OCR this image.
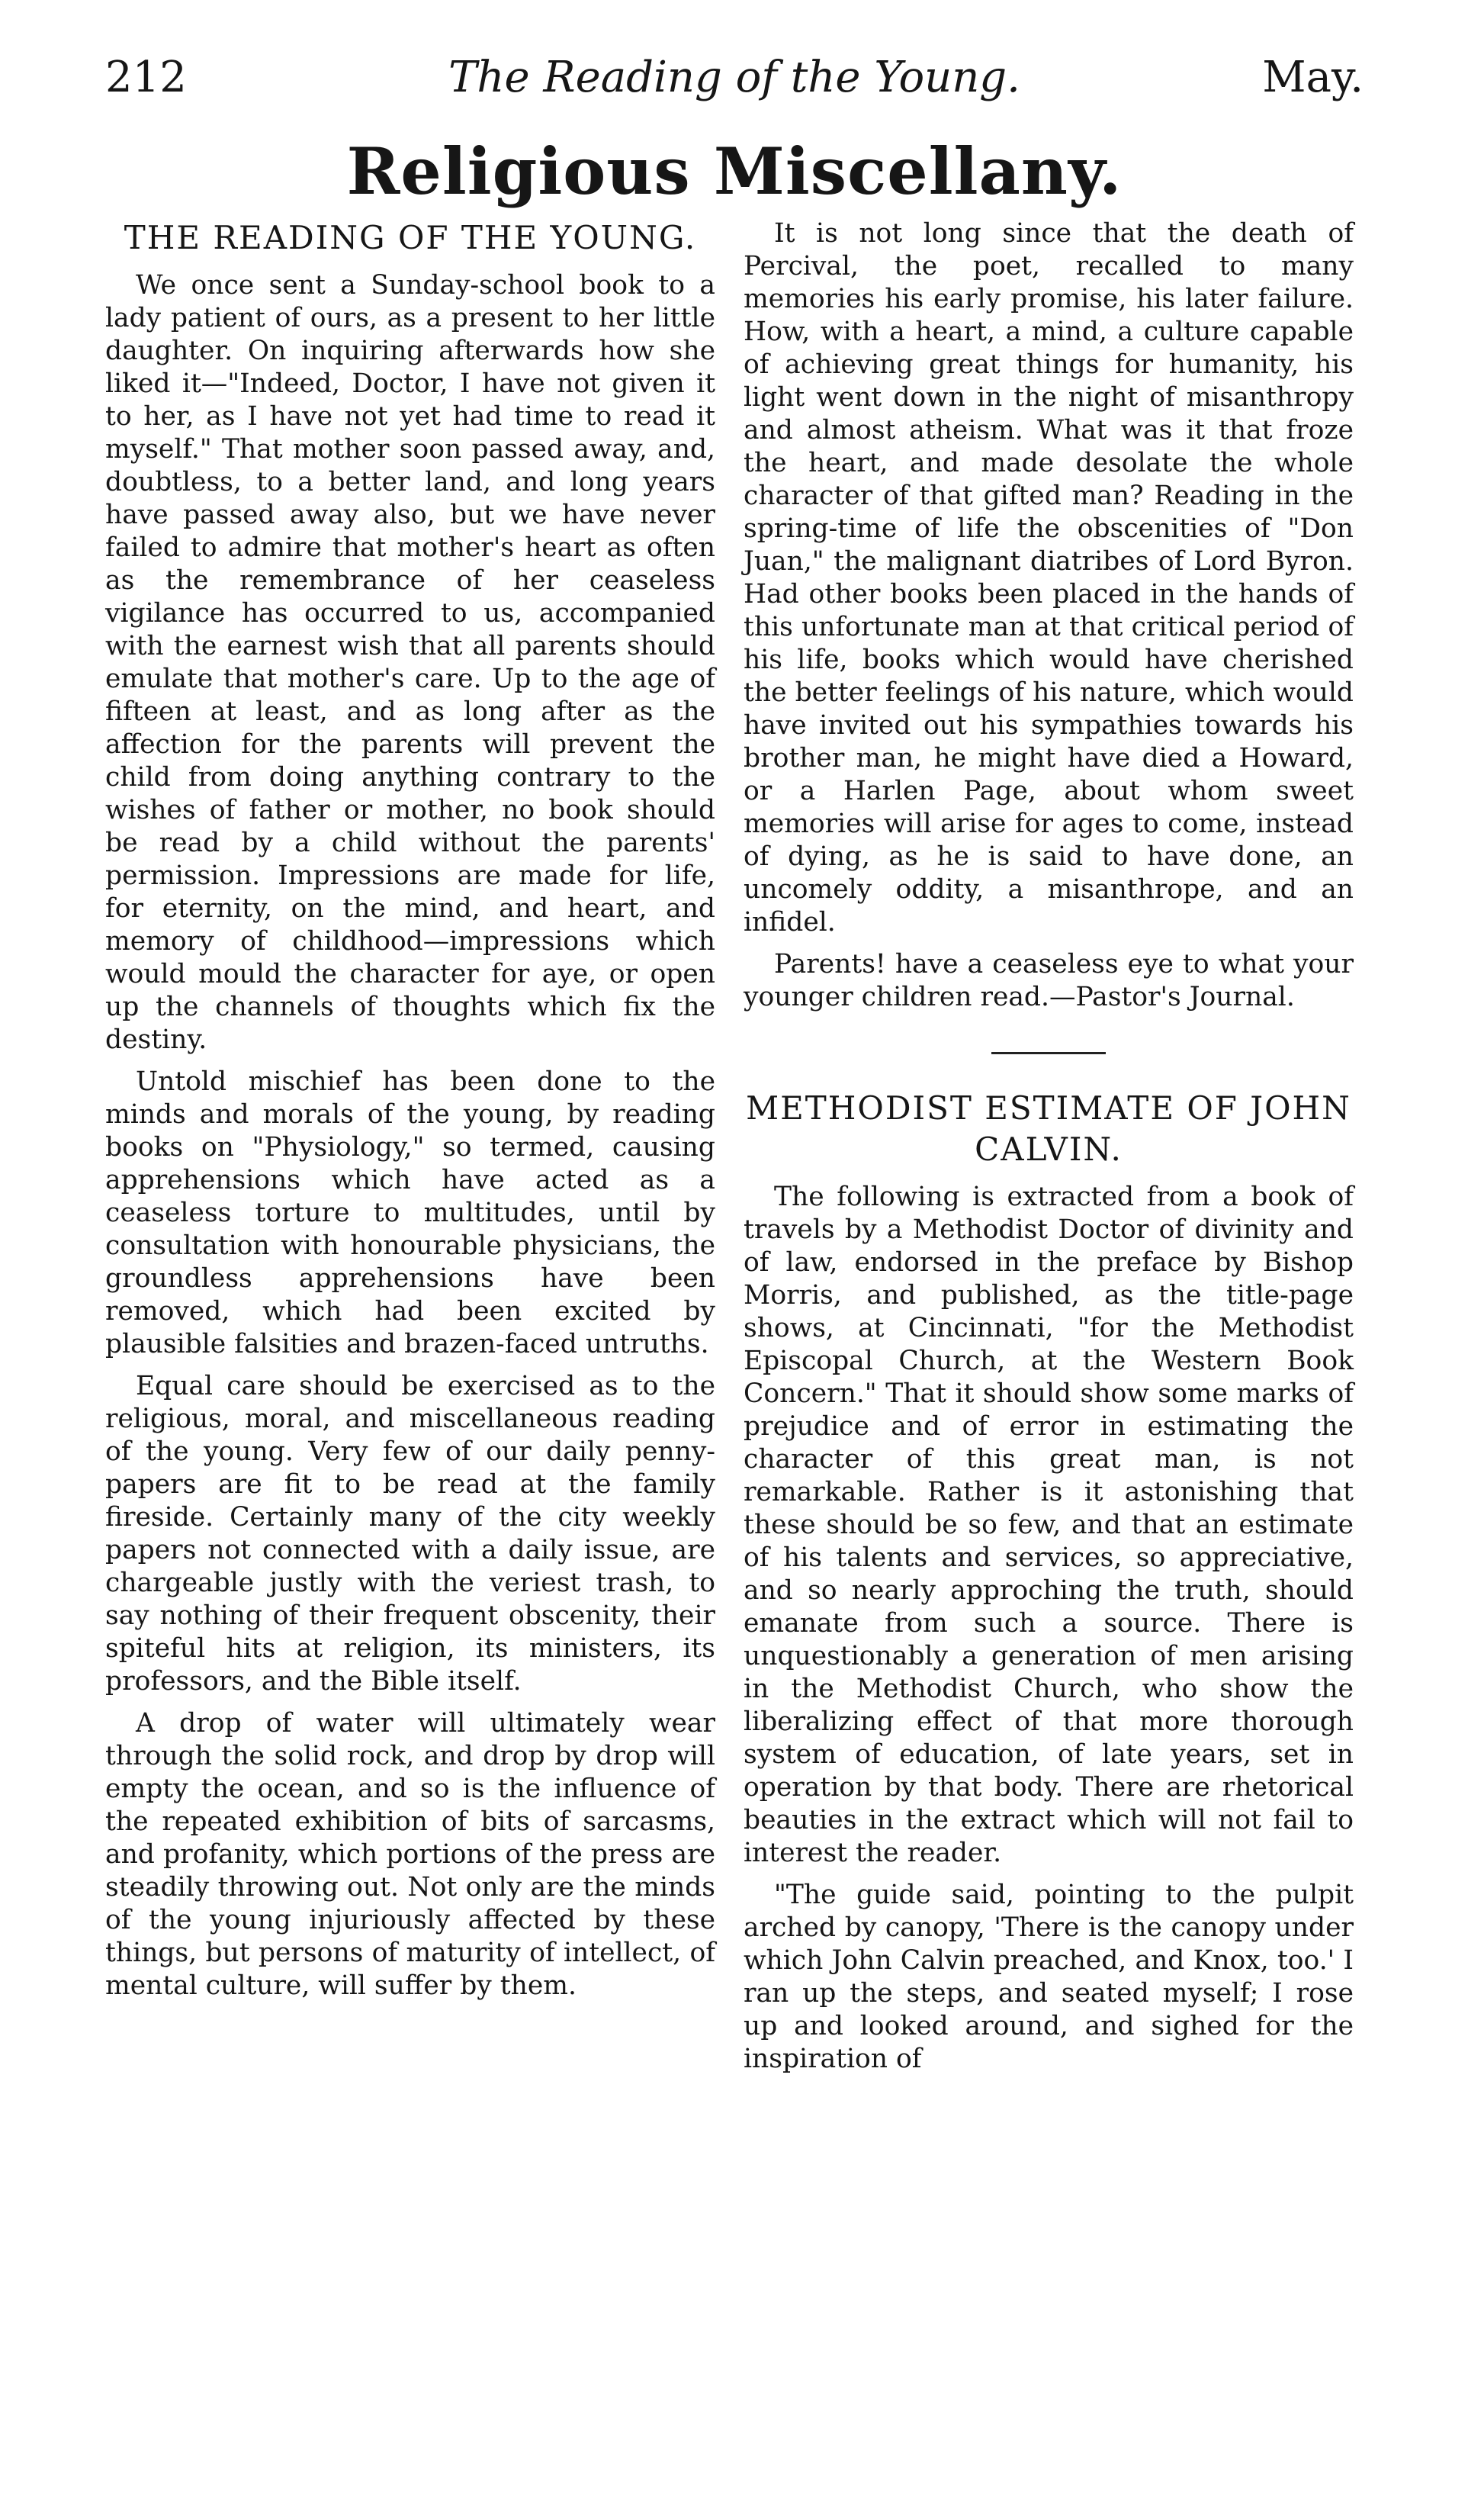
212	The Reading of the Young.	May.
Religious Miscellany.
THE READING OF THE YOUNG.

We once sent a Sunday-school book to a lady patient of ours, as a present to her little daughter. On inquiring afterwards how she liked it—"Indeed, Doctor, I have not given it to her, as I have not yet had time to read it myself." That mother soon passed away, and, doubtless, to a better land, and long years have passed away also, but we have never failed to admire that mother's heart as often as the remembrance of her ceaseless vigilance has occurred to us, accompanied with the earnest wish that all parents should emulate that mother's care. Up to the age of fifteen at least, and as long after as the affection for the parents will prevent the child from doing anything contrary to the wishes of father or mother, no book should be read by a child without the parents' permission. Impressions are made for life, for eternity, on the mind, and heart, and memory of childhood—impressions which would mould the character for aye, or open up the channels of thoughts which fix the destiny.

Untold mischief has been done to the minds and morals of the young, by reading books on "Physiology," so termed, causing apprehensions which have acted as a ceaseless torture to multitudes, until by consultation with honourable physicians, the groundless apprehensions have been removed, which had been excited by plausible falsities and brazen-faced untruths.

Equal care should be exercised as to the religious, moral, and miscellaneous reading of the young. Very few of our daily penny-papers are fit to be read at the family fireside. Certainly many of the city weekly papers not connected with a daily issue, are chargeable justly with the veriest trash, to say nothing of their frequent obscenity, their spiteful hits at religion, its ministers, its professors, and the Bible itself.

A drop of water will ultimately wear through the solid rock, and drop by drop will empty the ocean, and so is the influence of the repeated exhibition of bits of sarcasms, and profanity, which portions of the press are steadily throwing out. Not only are the minds of the young injuriously affected by these things, but persons of maturity of intellect, of mental culture, will suffer by them.

It is not long since that the death of Percival, the poet, recalled to many memories his early promise, his later failure. How, with a heart, a mind, a culture capable of achieving great things for humanity, his light went down in the night of misanthropy and almost atheism. What was it that froze the heart, and made desolate the whole character of that gifted man? Reading in the spring-time of life the obscenities of "Don Juan," the malignant diatribes of Lord Byron. Had other books been placed in the hands of this unfortunate man at that critical period of his life, books which would have cherished the better feelings of his nature, which would have invited out his sympathies towards his brother man, he might have died a Howard, or a Harlen Page, about whom sweet memories will arise for ages to come, instead of dying, as he is said to have done, an uncomely oddity, a misanthrope, and an infidel.

Parents! have a ceaseless eye to what your younger children read.—Pastor's Journal.

METHODIST ESTIMATE OF JOHN CALVIN.

The following is extracted from a book of travels by a Methodist Doctor of divinity and of law, endorsed in the preface by Bishop Morris, and published, as the title-page shows, at Cincinnati, "for the Methodist Episcopal Church, at the Western Book Concern." That it should show some marks of prejudice and of error in estimating the character of this great man, is not remarkable. Rather is it astonishing that these should be so few, and that an estimate of his talents and services, so appreciative, and so nearly approching the truth, should emanate from such a source. There is unquestionably a generation of men arising in the Methodist Church, who show the liberalizing effect of that more thorough system of education, of late years, set in operation by that body. There are rhetorical beauties in the extract which will not fail to interest the reader.

"The guide said, pointing to the pulpit arched by canopy, 'There is the canopy under which John Calvin preached, and Knox, too.' I ran up the steps, and seated myself; I rose up and looked around, and sighed for the inspiration of
